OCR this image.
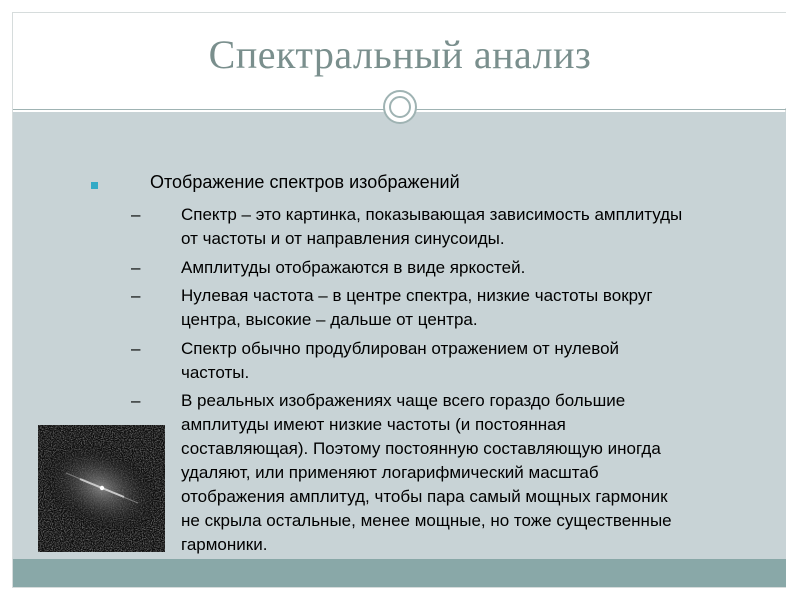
Спектральный анализ
Отображение спектров изображений
– Спектр – это картинка, показывающая зависимость амплитуды
от частоты и от направления синусоиды.
– Амплитуды отображаются в виде яркостей.
– Нулевая частота – в центре спектра, низкие частоты вокруг
центра, высокие – дальше от центра.
– Спектр обычно продублирован отражением от нулевой
частоты.
– В реальных изображениях чаще всего гораздо большие
амплитуды имеют низкие частоты (и постоянная
составляющая). Поэтому постоянную составляющую иногда
удаляют, или применяют логарифмический масштаб
отображения амплитуд, чтобы пара самый мощных гармоник
не скрыла остальные, менее мощные, но тоже существенные
гармоники.
